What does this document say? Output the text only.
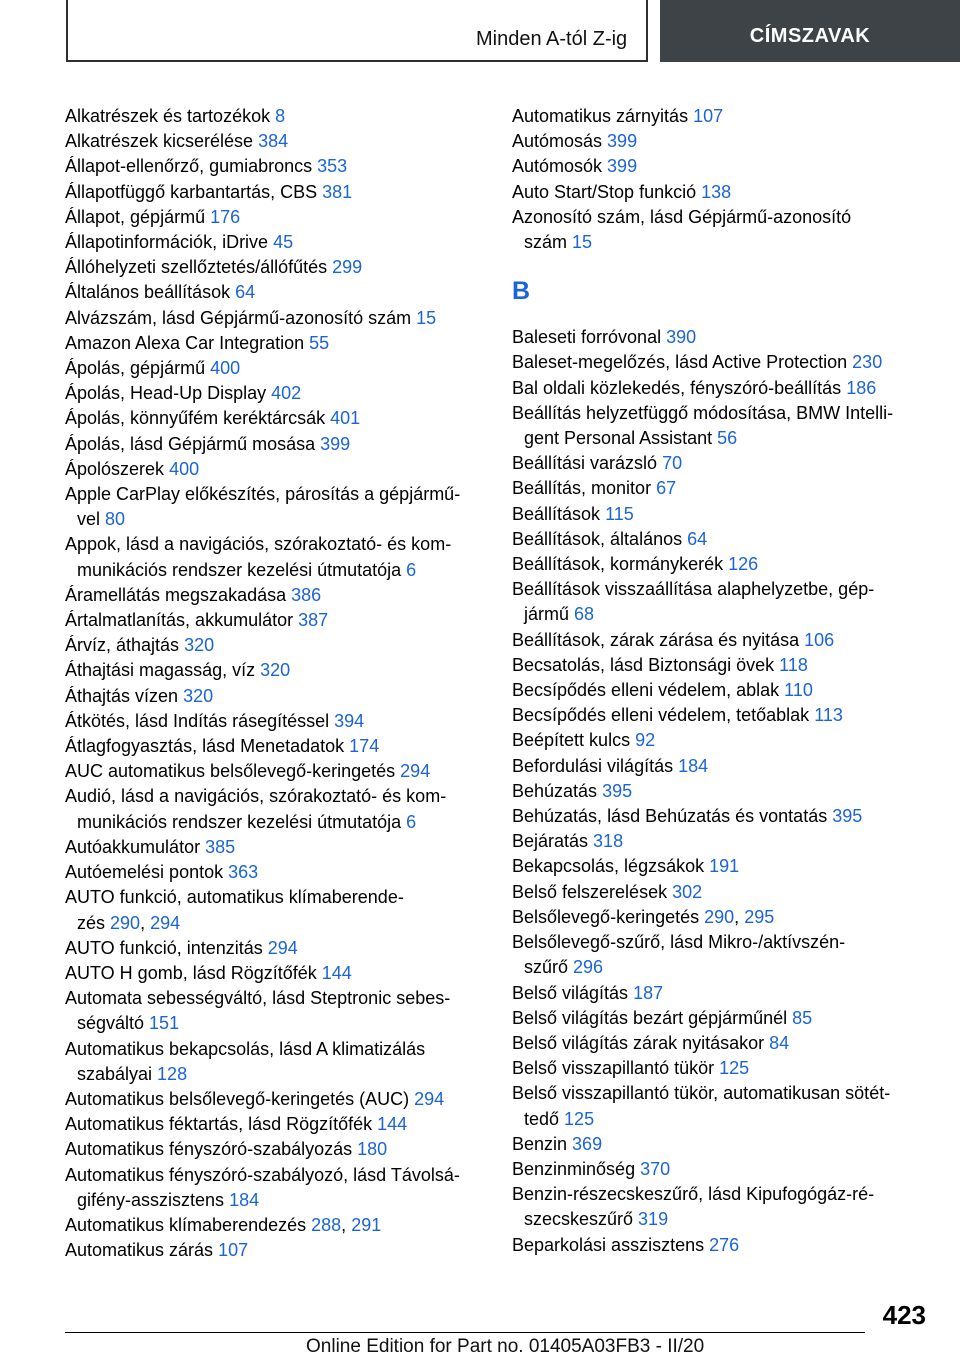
Minden A-tól Z-ig	CÍMSZAVAK
Alkatrészek és tartozékok 8
Alkatrészek kicserélése 384
Állapot-ellenőrző, gumiabroncs 353
Állapotfüggő karbantartás, CBS 381
Állapot, gépjármű 176
Állapotinformációk, iDrive 45
Állóhelyzeti szellőztetés/állófűtés 299
Általános beállítások 64
Alvázszám, lásd Gépjármű-azonosító szám 15
Amazon Alexa Car Integration 55
Ápolás, gépjármű 400
Ápolás, Head-Up Display 402
Ápolás, könnyűfém keréktárcsák 401
Ápolás, lásd Gépjármű mosása 399
Ápolószerek 400
Apple CarPlay előkészítés, párosítás a gépjármű-
vel 80
Appok, lásd a navigációs, szórakoztató- és kom-
munikációs rendszer kezelési útmutatója 6
Áramellátás megszakadása 386
Ártalmatlanítás, akkumulátor 387
Árvíz, áthajtás 320
Áthajtási magasság, víz 320
Áthajtás vízen 320
Átkötés, lásd Indítás rásegítéssel 394
Átlagfogyasztás, lásd Menetadatok 174
AUC automatikus belsőlevegő-keringetés 294
Audió, lásd a navigációs, szórakoztató- és kom-
munikációs rendszer kezelési útmutatója 6
Autóakkumulátor 385
Autóemelési pontok 363
AUTO funkció, automatikus klímaberende-
zés 290, 294
AUTO funkció, intenzitás 294
AUTO H gomb, lásd Rögzítőfék 144
Automata sebességváltó, lásd Steptronic sebes-
ségváltó 151
Automatikus bekapcsolás, lásd A klimatizálás
szabályai 128
Automatikus belsőlevegő-keringetés (AUC) 294
Automatikus féktartás, lásd Rögzítőfék 144
Automatikus fényszóró-szabályozás 180
Automatikus fényszóró-szabályozó, lásd Távolsá-
gifény-asszisztens 184
Automatikus klímaberendezés 288, 291
Automatikus zárás 107
Automatikus zárnyitás 107
Autómosás 399
Autómosók 399
Auto Start/Stop funkció 138
Azonosító szám, lásd Gépjármű-azonosító
szám 15
B
Baleseti forróvonal 390
Baleset-megelőzés, lásd Active Protection 230
Bal oldali közlekedés, fényszóró-beállítás 186
Beállítás helyzetfüggő módosítása, BMW Intelli-
gent Personal Assistant 56
Beállítási varázsló 70
Beállítás, monitor 67
Beállítások 115
Beállítások, általános 64
Beállítások, kormánykerék 126
Beállítások visszaállítása alaphelyzetbe, gép-
jármű 68
Beállítások, zárak zárása és nyitása 106
Becsatolás, lásd Biztonsági övek 118
Becsípődés elleni védelem, ablak 110
Becsípődés elleni védelem, tetőablak 113
Beépített kulcs 92
Befordulási világítás 184
Behúzatás 395
Behúzatás, lásd Behúzatás és vontatás 395
Bejáratás 318
Bekapcsolás, légzsákok 191
Belső felszerelések 302
Belsőlevegő-keringetés 290, 295
Belsőlevegő-szűrő, lásd Mikro-/aktívszén-
szűrő 296
Belső világítás 187
Belső világítás bezárt gépjárműnél 85
Belső világítás zárak nyitásakor 84
Belső visszapillantó tükör 125
Belső visszapillantó tükör, automatikusan sötét-
tedő 125
Benzin 369
Benzinminőség 370
Benzin-részecskeszűrő, lásd Kipufogógáz-ré-
szecskeszűrő 319
Beparkolási asszisztens 276
423
Online Edition for Part no. 01405A03FB3 - II/20
